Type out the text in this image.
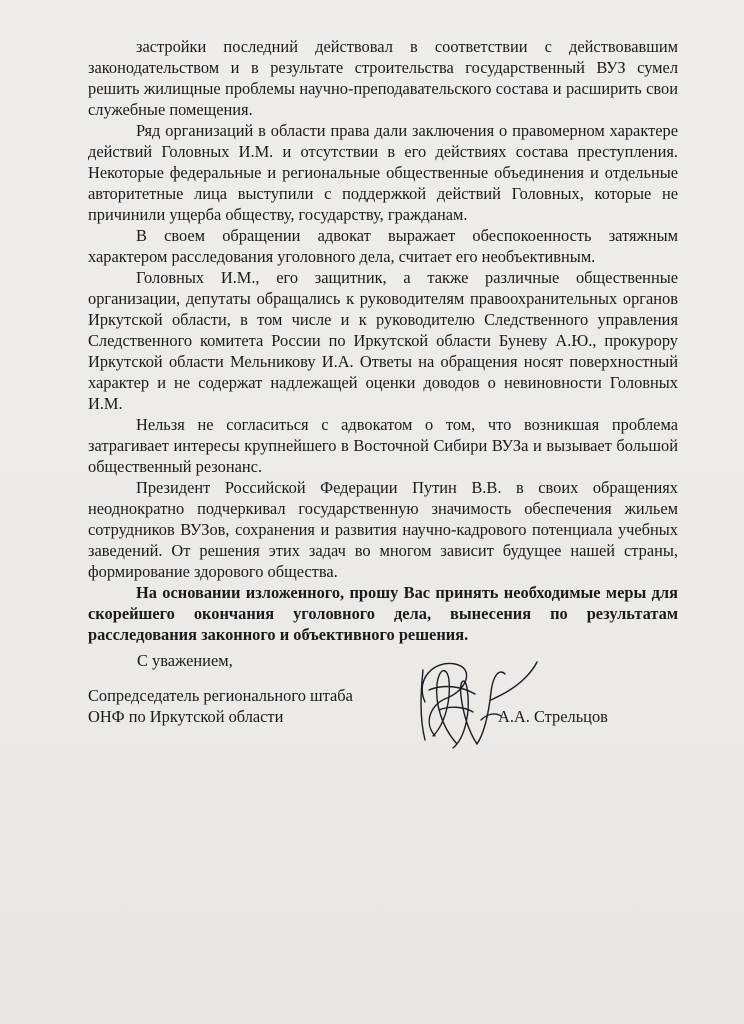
застройки последний действовал в соответствии с действовавшим законодательством и в результате строительства государственный ВУЗ сумел решить жилищные проблемы научно-преподавательского состава и расширить свои служебные помещения.

Ряд организаций в области права дали заключения о правомерном характере действий Головных И.М. и отсутствии в его действиях состава преступления. Некоторые федеральные и региональные общественные объединения и отдельные авторитетные лица выступили с поддержкой действий Головных, которые не причинили ущерба обществу, государству, гражданам.

В своем обращении адвокат выражает обеспокоенность затяжным характером расследования уголовного дела, считает его необъективным.

Головных И.М., его защитник, а также различные общественные организации, депутаты обращались к руководителям правоохранительных органов Иркутской области, в том числе и к руководителю Следственного управления Следственного комитета России по Иркутской области Буневу А.Ю., прокурору Иркутской области Мельникову И.А. Ответы на обращения носят поверхностный характер и не содержат надлежащей оценки доводов о невиновности Головных И.М.

Нельзя не согласиться с адвокатом о том, что возникшая проблема затрагивает интересы крупнейшего в Восточной Сибири ВУЗа и вызывает большой общественный резонанс.

Президент Российской Федерации Путин В.В. в своих обращениях неоднократно подчеркивал государственную значимость обеспечения жильем сотрудников ВУЗов, сохранения и развития научно-кадрового потенциала учебных заведений. От решения этих задач во многом зависит будущее нашей страны, формирование здорового общества.

На основании изложенного, прошу Вас принять необходимые меры для скорейшего окончания уголовного дела, вынесения по результатам расследования законного и объективного решения.

С уважением,
Сопредседатель регионального штаба
ОНФ по Иркутской области	А.А. Стрельцов
